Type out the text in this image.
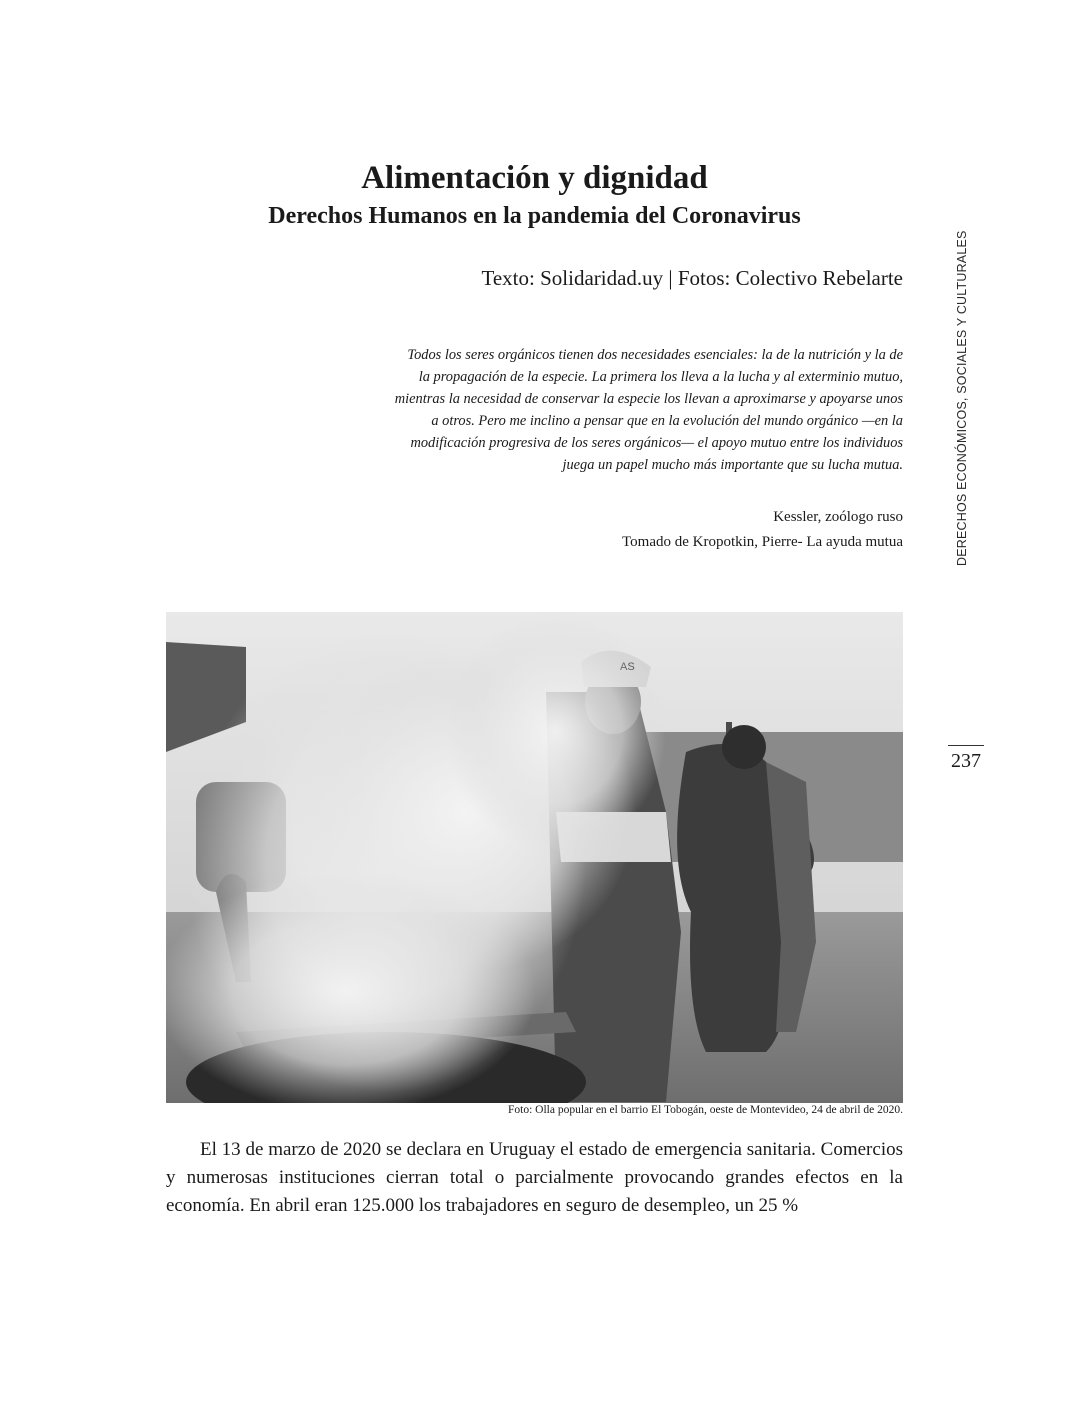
Alimentación y dignidad
Derechos Humanos en la pandemia del Coronavirus
Texto: Solidaridad.uy | Fotos: Colectivo Rebelarte

Todos los seres orgánicos tienen dos necesidades esenciales: la de la nutrición y la de la propagación de la especie. La primera los lleva a la lucha y al exterminio mutuo, mientras la necesidad de conservar la especie los llevan a aproximarse y apoyarse unos a otros. Pero me inclino a pensar que en la evolución del mundo orgánico —en la modificación progresiva de los seres orgánicos— el apoyo mutuo entre los individuos juega un papel mucho más importante que su lucha mutua.

Kessler, zoólogo ruso
Tomado de Kropotkin, Pierre- La ayuda mutua	DERECHOS ECONÓMICOS, SOCIALES Y CULTURALES
237
Foto: Olla popular en el barrio El Tobogán, oeste de Montevideo, 24 de abril de 2020.

El 13 de marzo de 2020 se declara en Uruguay el estado de emergencia sanitaria. Comercios y numerosas instituciones cierran total o parcialmente provocando grandes efectos en la economía. En abril eran 125.000 los trabajadores en seguro de desempleo, un 25 %
